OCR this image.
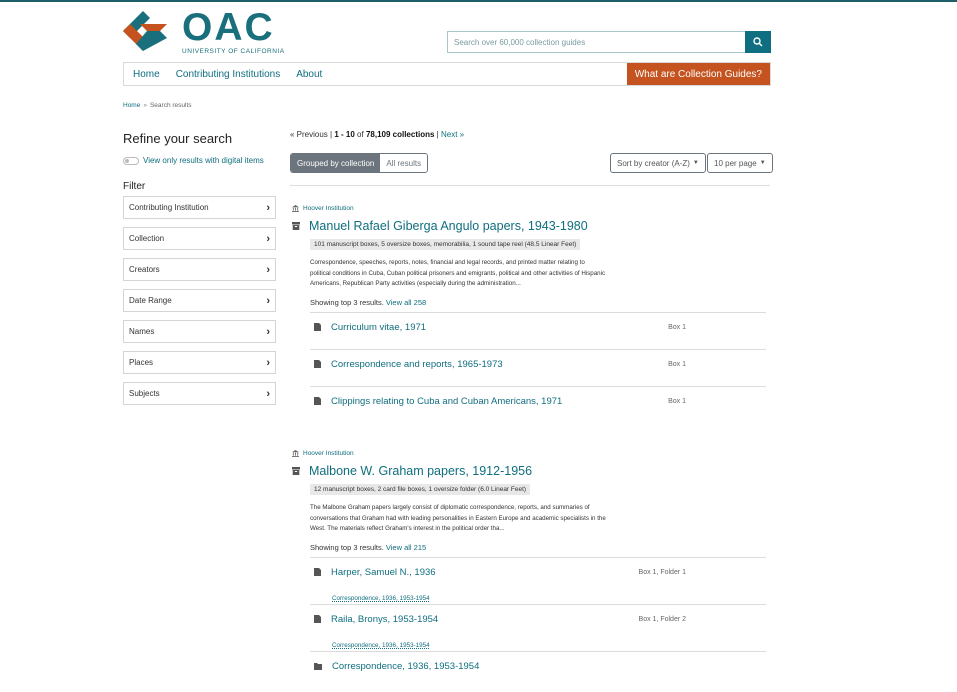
OAC
UNIVERSITY OF CALIFORNIA
Search over 60,000 collection guides
Home Contributing Institutions About	What are Collection Guides?
Home » Search results
Refine your search
View only results with digital items
Filter
Contributing Institution	›
Collection	›
Creators	›
Date Range	›
Names	›
Places	›
Subjects	›
« Previous | 1 - 10 of 78,109 collections | Next »
Grouped by collection	All results	Sort by creator (A-Z) ▼ 10 per page ▼
Hoover Institution
Manuel Rafael Giberga Angulo papers, 1943-1980
101 manuscript boxes, 5 oversize boxes, memorabilia, 1 sound tape reel (48.5 Linear Feet)
Correspondence, speeches, reports, notes, financial and legal records, and printed matter relating to political conditions in Cuba, Cuban political prisoners and emigrants, political and other activities of Hispanic Americans, Republican Party activities (especially during the administration...
Showing top 3 results. View all 258
Curriculum vitae, 1971	Box 1
Correspondence and reports, 1965-1973	Box 1
Clippings relating to Cuba and Cuban Americans, 1971	Box 1
Hoover Institution
Malbone W. Graham papers, 1912-1956
12 manuscript boxes, 2 card file boxes, 1 oversize folder (6.0 Linear Feet)
The Malbone Graham papers largely consist of diplomatic correspondence, reports, and summaries of conversations that Graham had with leading personalities in Eastern Europe and academic specialists in the West. The materials reflect Graham's interest in the political order tha...
Showing top 3 results. View all 215
Harper, Samuel N., 1936	Box 1, Folder 1
Correspondence, 1936, 1953-1954
Raila, Bronys, 1953-1954	Box 1, Folder 2
Correspondence, 1936, 1953-1954
Correspondence, 1936, 1953-1954
